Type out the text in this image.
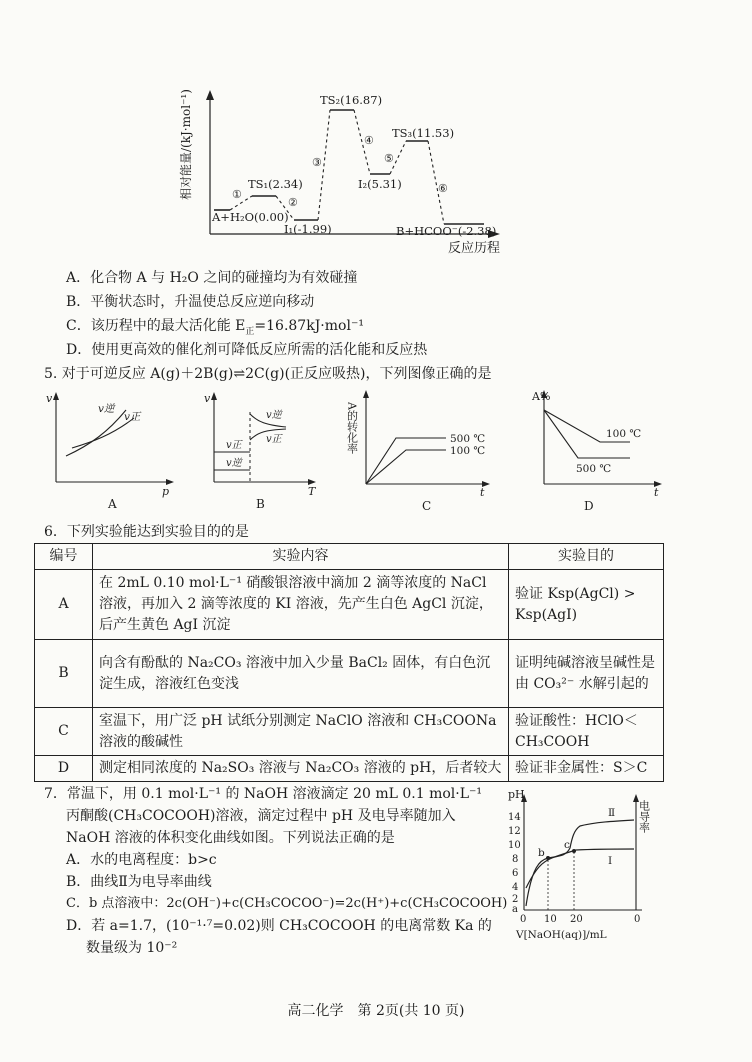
相对能量/(kJ·mol⁻¹)	①
②
③
④
⑤
⑥
A+H₂O(0.00)
TS₁(2.34)
I₁(-1.99)
TS₂(16.87)
I₂(5.31)
TS₃(11.53)
B+HCOO⁻(-2.38)
反应历程
A．化合物 A 与 H₂O 之间的碰撞均为有效碰撞
B．平衡状态时，升温使总反应逆向移动
C．该历程中的最大活化能 $E_正=16.87kJ\cdot mol^{-1}$
D．使用更高效的催化剂可降低反应所需的活化能和反应热
5. 对于可逆反应 A(g)＋2B(g)⇌2C(g)(正反应吸热)，下列图像正确的是
v
p
v逆
v正
A
v
T
v逆
v正
v正
v逆
B
A的转化率
t
500 ℃
100 ℃
C
A%
t
100 ℃
500 ℃
D
6．下列实验能达到实验目的的是
编号	实验内容	实验目的
A	在 2mL 0.10 mol·L⁻¹ 硝酸银溶液中滴加 2 滴等浓度的 NaCl 溶液，再加入 2 滴等浓度的 KI 溶液，先产生白色 AgCl 沉淀，后产生黄色 AgI 沉淀	验证 Ksp(AgCl) > Ksp(AgI)
B	向含有酚酞的 Na₂CO₃ 溶液中加入少量 BaCl₂ 固体，有白色沉淀生成，溶液红色变浅	证明纯碱溶液呈碱性是由 CO₃²⁻ 水解引起的
C	室温下，用广泛 pH 试纸分别测定 NaClO 溶液和 CH₃COONa 溶液的酸碱性	验证酸性：HClO＜CH₃COOH
D	测定相同浓度的 Na₂SO₃ 溶液与 Na₂CO₃ 溶液的 pH，后者较大	验证非金属性：S＞C
7．常温下，用 0.1 mol·L⁻¹ 的 NaOH 溶液滴定 20 mL 0.1 mol·L⁻¹
丙酮酸(CH₃COCOOH)溶液，滴定过程中 pH 及电导率随加入
NaOH 溶液的体积变化曲线如图。下列说法正确的是
A．水的电离程度：b>c
B．曲线Ⅱ为电导率曲线
C．b 点溶液中：2c(OH⁻)+c(CH₃COCOO⁻)=2c(H⁺)+c(CH₃COCOOH)
D．若 a=1.7，(10⁻¹·⁷=0.02)则 CH₃COCOOH 的电离常数 Ka 的
数量级为 10⁻²
pH
电导率
14
12
10
8
6
4
2
a
0 10 20	0
V[NaOH(aq)]/mL
b
c
Ⅱ
Ⅰ
高二化学　第 2页(共 10 页)
